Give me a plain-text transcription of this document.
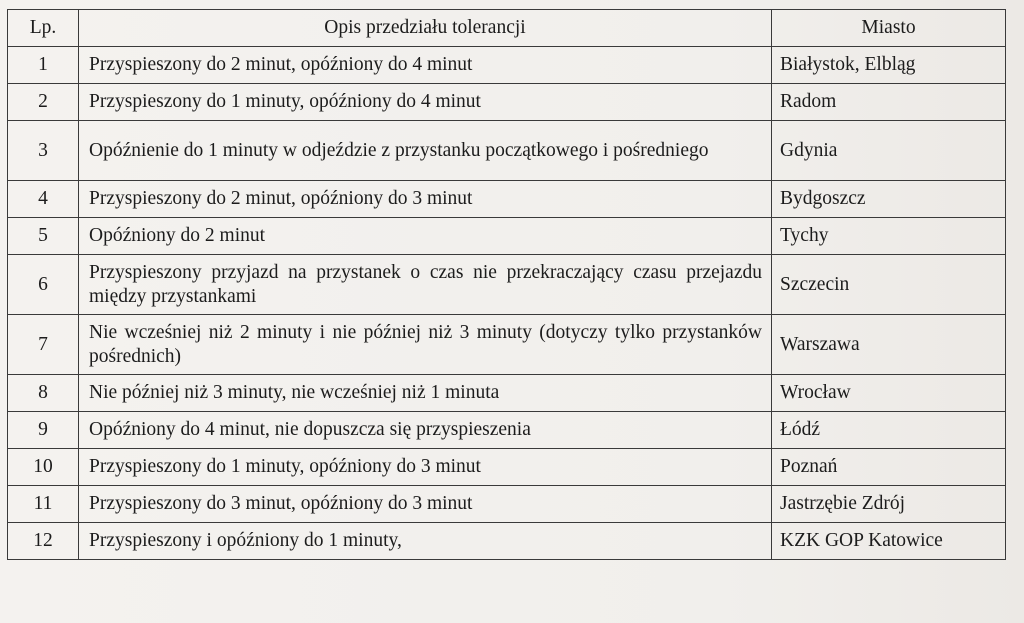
Lp.	Opis przedziału tolerancji	Miasto
1	Przyspieszony do 2 minut, opóźniony do 4 minut	Białystok, Elbląg
2	Przyspieszony do 1 minuty, opóźniony do 4 minut	Radom
3	Opóźnienie do 1 minuty w odjeździe z przystanku początkowego i pośredniego	Gdynia
4	Przyspieszony do 2 minut, opóźniony do 3 minut	Bydgoszcz
5	Opóźniony do 2 minut	Tychy
6	Przyspieszony przyjazd na przystanek o czas nie przekraczający czasu przejazdu między przystankami	Szczecin
7	Nie wcześniej niż 2 minuty i nie później niż 3 minuty (dotyczy tylko przystanków pośrednich)	Warszawa
8	Nie później niż 3 minuty, nie wcześniej niż 1 minuta	Wrocław
9	Opóźniony do 4 minut, nie dopuszcza się przyspieszenia	Łódź
10	Przyspieszony do 1 minuty, opóźniony do 3 minut	Poznań
11	Przyspieszony do 3 minut, opóźniony do 3 minut	Jastrzębie Zdrój
12	Przyspieszony i opóźniony do 1 minuty,	KZK GOP Katowice
